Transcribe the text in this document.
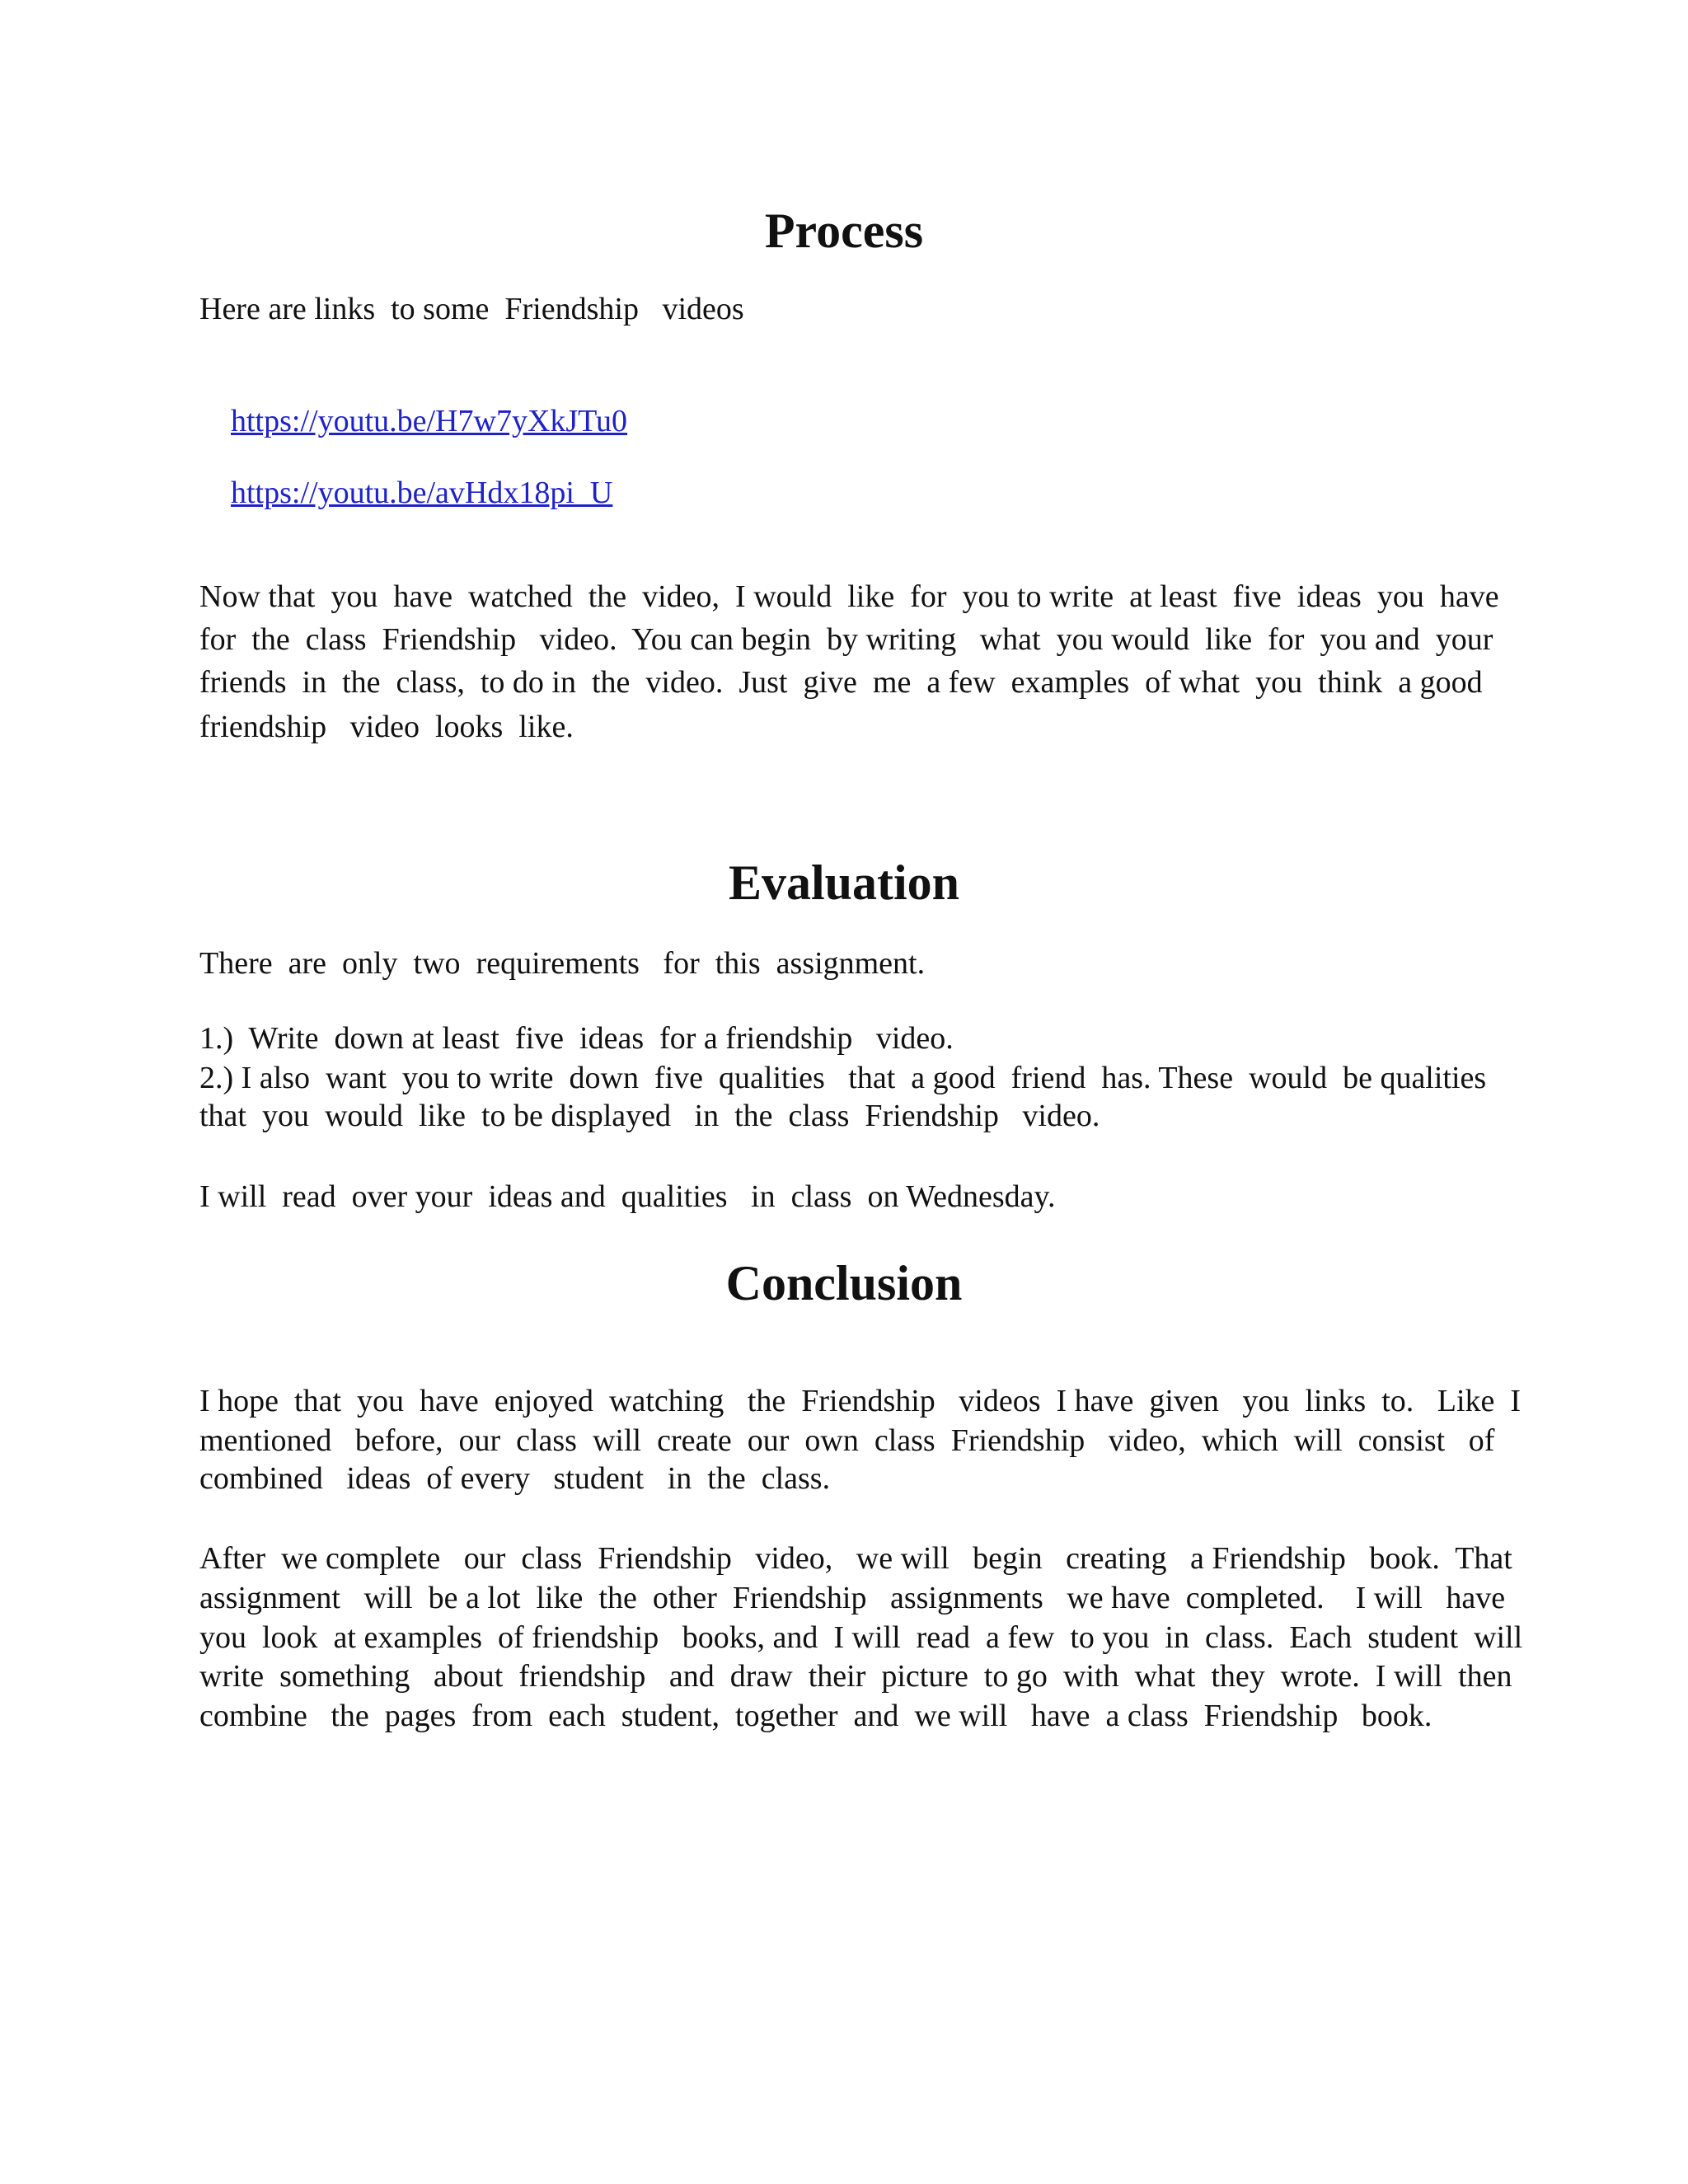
Process

Here are links  to some  Friendship   videos

https://youtu.be/H7w7yXkJTu0

https://youtu.be/avHdx18pi_U

Now that  you  have  watched  the  video,  I would  like  for  you to write  at least  five  ideas  you  have

for  the  class  Friendship   video.  You can begin  by writing   what  you would  like  for  you and  your

friends  in  the  class,  to do in  the  video.  Just  give  me  a few  examples  of what  you  think  a good

friendship   video  looks  like.

Evaluation

There  are  only  two  requirements   for  this  assignment.

1.)  Write  down at least  five  ideas  for a friendship   video.

2.) I also  want  you to write  down  five  qualities   that  a good  friend  has. These  would  be qualities

that  you  would  like  to be displayed   in  the  class  Friendship   video.

I will  read  over your  ideas and  qualities   in  class  on Wednesday.

Conclusion

I hope  that  you  have  enjoyed  watching   the  Friendship   videos  I have  given   you  links  to.   Like  I

mentioned   before,  our  class  will  create  our  own  class  Friendship   video,  which  will  consist   of

combined   ideas  of every   student   in  the  class.

After  we complete   our  class  Friendship   video,   we will   begin   creating   a Friendship   book.  That

assignment   will  be a lot  like  the  other  Friendship   assignments   we have  completed.    I will   have

you  look  at examples  of friendship   books, and  I will  read  a few  to you  in  class.  Each  student  will

write  something   about  friendship   and  draw  their  picture  to go  with  what  they  wrote.  I will  then

combine   the  pages  from  each  student,  together  and  we will   have  a class  Friendship   book.
